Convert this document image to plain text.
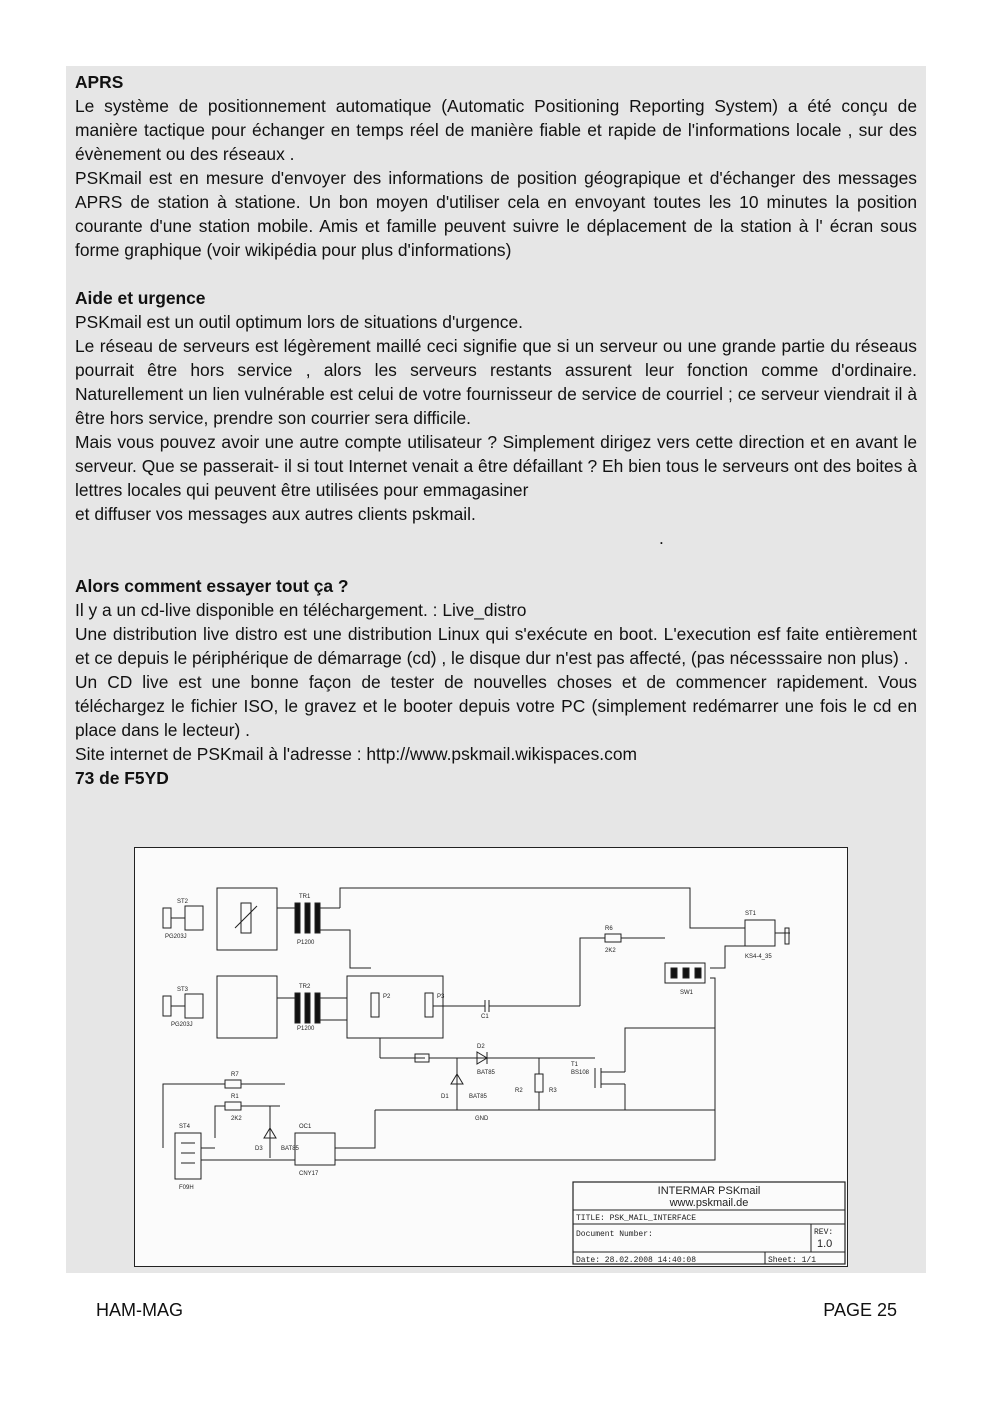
APRS

Le système de positionnement automatique (Automatic Positioning Reporting System) a été conçu de manière tactique pour échanger en temps réel de manière fiable et rapide de l'informations locale , sur des évènement ou des réseaux .

PSKmail est en mesure d'envoyer des informations de position géograpique et d'échanger des messages APRS de station à statione. Un bon moyen d'utiliser cela en envoyant toutes les 10 minutes la position courante d'une station mobile. Amis et famille peuvent suivre le déplacement de la station à l' écran sous forme graphique (voir wikipédia pour plus d'informations)

Aide et urgence

PSKmail est un outil optimum lors de situations d'urgence.

Le réseau de serveurs est légèrement maillé ceci signifie que si un serveur ou une grande partie du réseaus pourrait être hors service , alors les serveurs restants assurent leur fonction comme d'ordinaire. Naturellement un lien vulnérable est celui de votre fournisseur de service de courriel ; ce serveur viendrait il à être hors service, prendre son courrier sera difficile.

Mais vous pouvez avoir une autre compte utilisateur ? Simplement dirigez vers cette direction et en avant le serveur. Que se passerait- il si tout Internet venait a être défaillant ? Eh bien tous le serveurs ont des boites à lettres locales qui peuvent être utilisées pour emmagasiner

et diffuser vos messages aux autres clients pskmail.

.

Alors comment essayer tout ça ?

Il y a un cd-live disponible en téléchargement. : Live_distro

Une distribution live distro est une distribution Linux qui s'exécute en boot. L'execution esf faite entièrement et ce depuis le périphérique de démarrage (cd) , le disque dur n'est pas affecté, (pas nécesssaire non plus) .

Un CD live est une bonne façon de tester de nouvelles choses et de commencer rapidement. Vous téléchargez le fichier ISO, le gravez et le booter depuis votre PC (simplement redémarrer une fois le cd en place dans le lecteur) .

Site internet de PSKmail à l'adresse : http://www.pskmail.wikispaces.com

73 de F5YD
ST2
PG203J
TR1
P1200
ST3
PG203J
TR2
P1200
P2	P3
C1
R6
2K2
SW1
ST1
KS4-4_35
D2
BAT85
D1	BAT85
R2	R3
T1
BS108
GND
R7
R1
2K2
ST4
F09H
D3	BAT85
OC1
CNY17
INTERMAR PSKmail
www.pskmail.de
TITLE: PSK_MAIL_INTERFACE
Document Number:	REV:
1.0
Date: 28.02.2008 14:40:08	Sheet: 1/1
HAM-MAG	PAGE 25
